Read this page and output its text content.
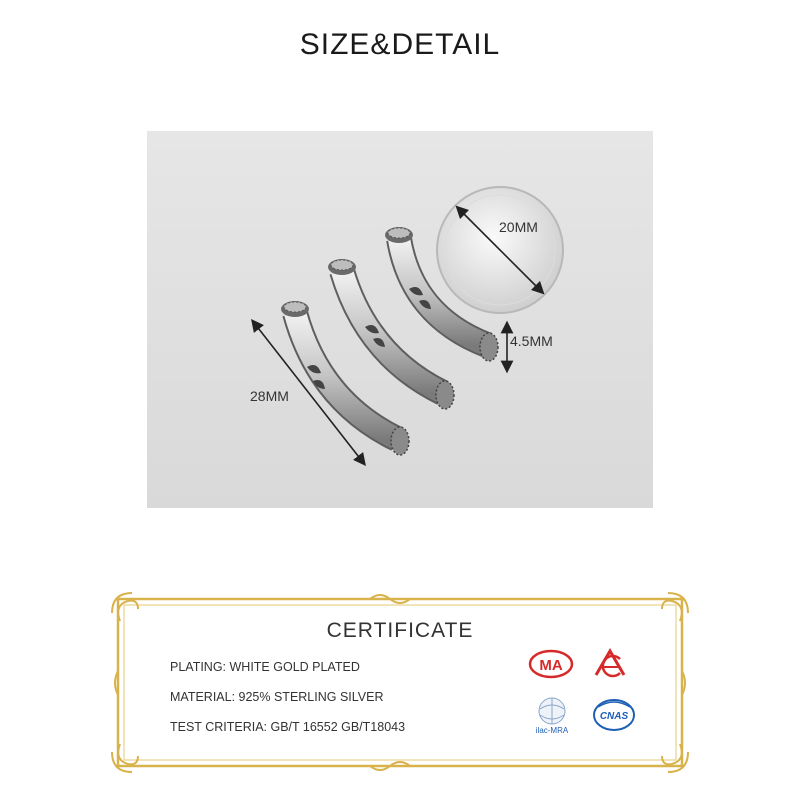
SIZE&DETAIL
20MM
4.5MM
28MM
CERTIFICATE
PLATING: WHITE GOLD PLATED
MATERIAL: 925% STERLING SILVER
TEST CRITERIA: GB/T 16552 GB/T18043
MA
ilac-MRA
CNAS
